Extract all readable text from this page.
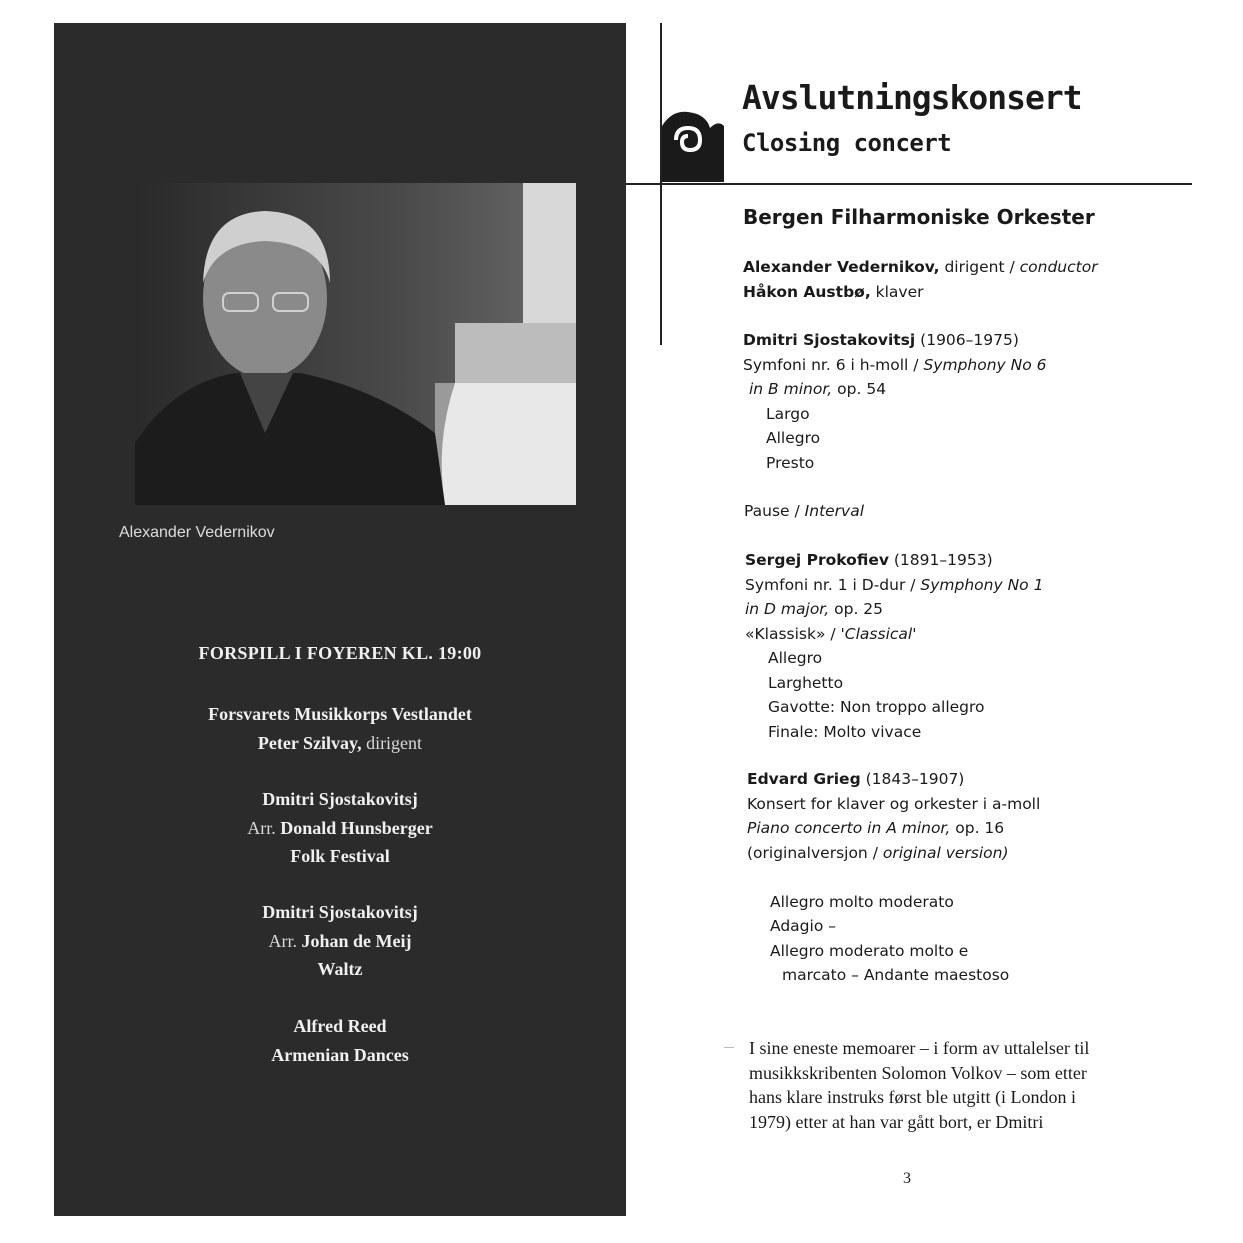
Alexander Vedernikov
FORSPILL I FOYEREN KL. 19:00
Forsvarets Musikkorps Vestlandet
Peter Szilvay, dirigent
Dmitri Sjostakovitsj
Arr. Donald Hunsberger
Folk Festival
Dmitri Sjostakovitsj
Arr. Johan de Meij
Waltz
Alfred Reed
Armenian Dances
Avslutningskonsert
Closing concert
Bergen Filharmoniske Orkester
Alexander Vedernikov, dirigent / conductor
Håkon Austbø, klaver
Dmitri Sjostakovitsj (1906–1975)
Symfoni nr. 6 i h-moll / Symphony No 6
in B minor, op. 54
Largo
Allegro
Presto
Pause / Interval
Sergej Prokofiev (1891–1953)
Symfoni nr. 1 i D-dur / Symphony No 1
in D major, op. 25
«Klassisk» / 'Classical'
Allegro
Larghetto
Gavotte: Non troppo allegro
Finale: Molto vivace
Edvard Grieg (1843–1907)
Konsert for klaver og orkester i a-moll
Piano concerto in A minor, op. 16
(originalversjon / original version)
Allegro molto moderato
Adagio –
Allegro moderato molto e
marcato – Andante maestoso
I sine eneste memoarer – i form av uttalelser til
musikkskribenten Solomon Volkov – som etter
hans klare instruks først ble utgitt (i London i
1979) etter at han var gått bort, er Dmitri
3
